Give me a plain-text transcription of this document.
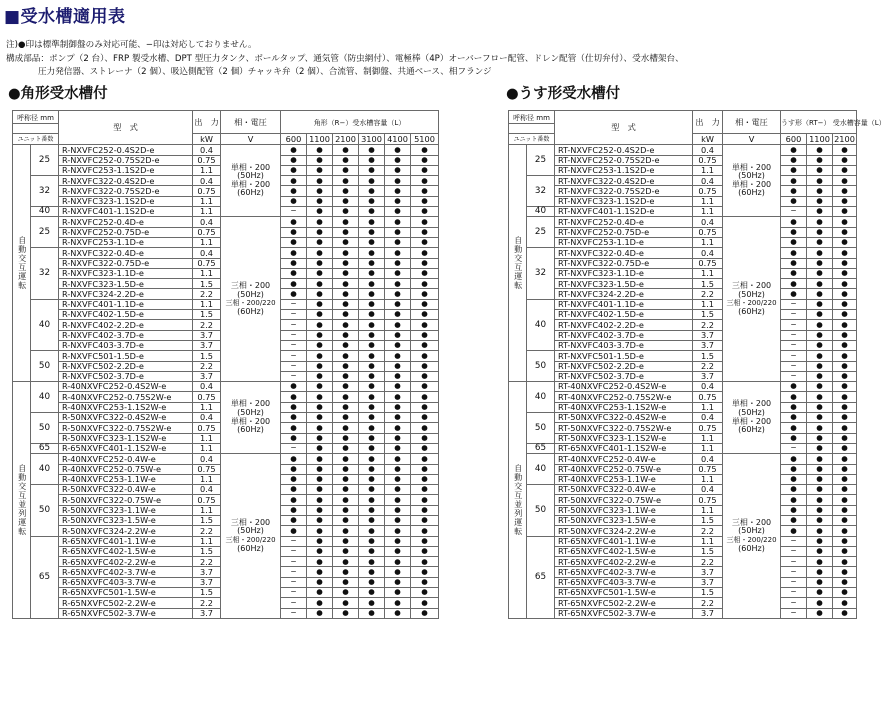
■受水槽適用表
注)●印は標準制御盤のみ対応可能、−印は対応しておりません。
構成部品：ポンプ（2 台）、FRP 製受水槽、DPT 型圧力タンク、ボールタップ、通気管（防虫網付）、電極棒（4P）オーバーフロー配管、ドレン配管（仕切弁付）、受水槽架台、
圧力発信器、ストレーナ（2 個）、吸込側配管（2 個）チャッキ弁（2 個）、合流管、制御盤、共通ベース、相フランジ
●角形受水槽付	●うす形受水槽付
呼称径 mm		型　式	出　力	相・電圧	角形（R−）受水槽容量（L）					

ユニット番数			kW	V	600	1100	2100	3100	4100	5100
自動交互運転	25	R-NXVFC252-0.4S2D-e	0.4	単相・200
(50Hz)
単相・200
(60Hz)	●	●	●	●	●	●
		R-NXVFC252-0.75S2D-e	0.75		●	●	●	●	●	●
		R-NXVFC253-1.1S2D-e	1.1		●	●	●	●	●	●
	32	R-NXVFC322-0.4S2D-e	0.4		●	●	●	●	●	●
		R-NXVFC322-0.75S2D-e	0.75		●	●	●	●	●	●
		R-NXVFC323-1.1S2D-e	1.1		●	●	●	●	●	●
	40	R-NXVFC401-1.1S2D-e	1.1		−	●	●	●	●	●
	25	R-NXVFC252-0.4D-e	0.4	三相・200
(50Hz)
三相・200/220
(60Hz)	●	●	●	●	●	●
		R-NXVFC252-0.75D-e	0.75		●	●	●	●	●	●
		R-NXVFC253-1.1D-e	1.1		●	●	●	●	●	●
	32	R-NXVFC322-0.4D-e	0.4		●	●	●	●	●	●
		R-NXVFC322-0.75D-e	0.75		●	●	●	●	●	●
		R-NXVFC323-1.1D-e	1.1		●	●	●	●	●	●
		R-NXVFC323-1.5D-e	1.5		●	●	●	●	●	●
		R-NXVFC324-2.2D-e	2.2		●	●	●	●	●	●
	40	R-NXVFC401-1.1D-e	1.1		−	●	●	●	●	●
		R-NXVFC402-1.5D-e	1.5		−	●	●	●	●	●
		R-NXVFC402-2.2D-e	2.2		−	●	●	●	●	●
		R-NXVFC402-3.7D-e	3.7		−	●	●	●	●	●
		R-NXVFC403-3.7D-e	3.7		−	●	●	●	●	●
	50	R-NXVFC501-1.5D-e	1.5		−	●	●	●	●	●
		R-NXVFC502-2.2D-e	2.2		−	●	●	●	●	●
		R-NXVFC502-3.7D-e	3.7		−	●	●	●	●	●
自動交互並列運転	40	R-40NXVFC252-0.4S2W-e	0.4	単相・200
(50Hz)
単相・200
(60Hz)	●	●	●	●	●	●
		R-40NXVFC252-0.75S2W-e	0.75		●	●	●	●	●	●
		R-40NXVFC253-1.1S2W-e	1.1		●	●	●	●	●	●
	50	R-50NXVFC322-0.4S2W-e	0.4		●	●	●	●	●	●
		R-50NXVFC322-0.75S2W-e	0.75		●	●	●	●	●	●
		R-50NXVFC323-1.1S2W-e	1.1		●	●	●	●	●	●
	65	R-65NXVFC401-1.1S2W-e	1.1		−	●	●	●	●	●
	40	R-40NXVFC252-0.4W-e	0.4	三相・200
(50Hz)
三相・200/220
(60Hz)	●	●	●	●	●	●
		R-40NXVFC252-0.75W-e	0.75		●	●	●	●	●	●
		R-40NXVFC253-1.1W-e	1.1		●	●	●	●	●	●
	50	R-50NXVFC322-0.4W-e	0.4		●	●	●	●	●	●
		R-50NXVFC322-0.75W-e	0.75		●	●	●	●	●	●
		R-50NXVFC323-1.1W-e	1.1		●	●	●	●	●	●
		R-50NXVFC323-1.5W-e	1.5		●	●	●	●	●	●
		R-50NXVFC324-2.2W-e	2.2		●	●	●	●	●	●
	65	R-65NXVFC401-1.1W-e	1.1		−	●	●	●	●	●
		R-65NXVFC402-1.5W-e	1.5		−	●	●	●	●	●
		R-65NXVFC402-2.2W-e	2.2		−	●	●	●	●	●
		R-65NXVFC402-3.7W-e	3.7		−	●	●	●	●	●
		R-65NXVFC403-3.7W-e	3.7		−	●	●	●	●	●
		R-65NXVFC501-1.5W-e	1.5		−	●	●	●	●	●
		R-65NXVFC502-2.2W-e	2.2		−	●	●	●	●	●
		R-65NXVFC502-3.7W-e	3.7		−	●	●	●	●	●
呼称径 mm		型　式	出　力	相・電圧	うす形（RT−） 受水槽容量（L）		

ユニット番数			kW	V	600	1100	2100
自動交互運転	25	RT-NXVFC252-0.4S2D-e	0.4	単相・200
(50Hz)
単相・200
(60Hz)	●	●	●
		RT-NXVFC252-0.75S2D-e	0.75		●	●	●
		RT-NXVFC253-1.1S2D-e	1.1		●	●	●
	32	RT-NXVFC322-0.4S2D-e	0.4		●	●	●
		RT-NXVFC322-0.75S2D-e	0.75		●	●	●
		RT-NXVFC323-1.1S2D-e	1.1		●	●	●
	40	RT-NXVFC401-1.1S2D-e	1.1		−	●	●
	25	RT-NXVFC252-0.4D-e	0.4	三相・200
(50Hz)
三相・200/220
(60Hz)	●	●	●
		RT-NXVFC252-0.75D-e	0.75		●	●	●
		RT-NXVFC253-1.1D-e	1.1		●	●	●
	32	RT-NXVFC322-0.4D-e	0.4		●	●	●
		RT-NXVFC322-0.75D-e	0.75		●	●	●
		RT-NXVFC323-1.1D-e	1.1		●	●	●
		RT-NXVFC323-1.5D-e	1.5		●	●	●
		RT-NXVFC324-2.2D-e	2.2		●	●	●
	40	RT-NXVFC401-1.1D-e	1.1		−	●	●
		RT-NXVFC402-1.5D-e	1.5		−	●	●
		RT-NXVFC402-2.2D-e	2.2		−	●	●
		RT-NXVFC402-3.7D-e	3.7		−	●	●
		RT-NXVFC403-3.7D-e	3.7		−	●	●
	50	RT-NXVFC501-1.5D-e	1.5		−	●	●
		RT-NXVFC502-2.2D-e	2.2		−	●	●
		RT-NXVFC502-3.7D-e	3.7		−	●	●
自動交互並列運転	40	RT-40NXVFC252-0.4S2W-e	0.4	単相・200
(50Hz)
単相・200
(60Hz)	●	●	●
		RT-40NXVFC252-0.75S2W-e	0.75		●	●	●
		RT-40NXVFC253-1.1S2W-e	1.1		●	●	●
	50	RT-50NXVFC322-0.4S2W-e	0.4		●	●	●
		RT-50NXVFC322-0.75S2W-e	0.75		●	●	●
		RT-50NXVFC323-1.1S2W-e	1.1		●	●	●
	65	RT-65NXVFC401-1.1S2W-e	1.1		−	●	●
	40	RT-40NXVFC252-0.4W-e	0.4	三相・200
(50Hz)
三相・200/220
(60Hz)	●	●	●
		RT-40NXVFC252-0.75W-e	0.75		●	●	●
		RT-40NXVFC253-1.1W-e	1.1		●	●	●
	50	RT-50NXVFC322-0.4W-e	0.4		●	●	●
		RT-50NXVFC322-0.75W-e	0.75		●	●	●
		RT-50NXVFC323-1.1W-e	1.1		●	●	●
		RT-50NXVFC323-1.5W-e	1.5		●	●	●
		RT-50NXVFC324-2.2W-e	2.2		●	●	●
	65	RT-65NXVFC401-1.1W-e	1.1		−	●	●
		RT-65NXVFC402-1.5W-e	1.5		−	●	●
		RT-65NXVFC402-2.2W-e	2.2		−	●	●
		RT-65NXVFC402-3.7W-e	3.7		−	●	●
		RT-65NXVFC403-3.7W-e	3.7		−	●	●
		RT-65NXVFC501-1.5W-e	1.5		−	●	●
		RT-65NXVFC502-2.2W-e	2.2		−	●	●
		RT-65NXVFC502-3.7W-e	3.7		−	●	●
